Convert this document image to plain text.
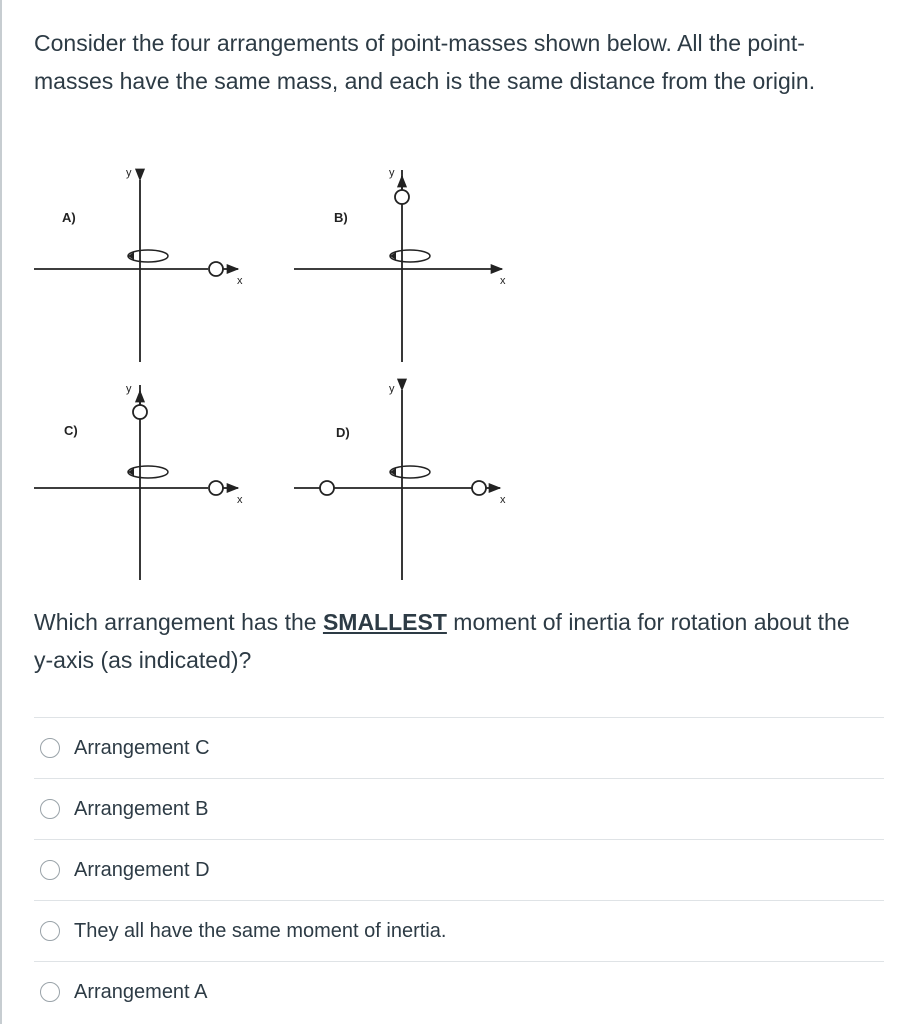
Consider the four arrangements of point-masses shown below. All the point-masses have the same mass, and each is the same distance from the origin.

A)
y
x
B)
y
x
C)
y
x
D)
y
x

Which arrangement has the SMALLEST moment of inertia for rotation about the y-axis (as indicated)?

Arrangement C
Arrangement B
Arrangement D
They all have the same moment of inertia.
Arrangement A
